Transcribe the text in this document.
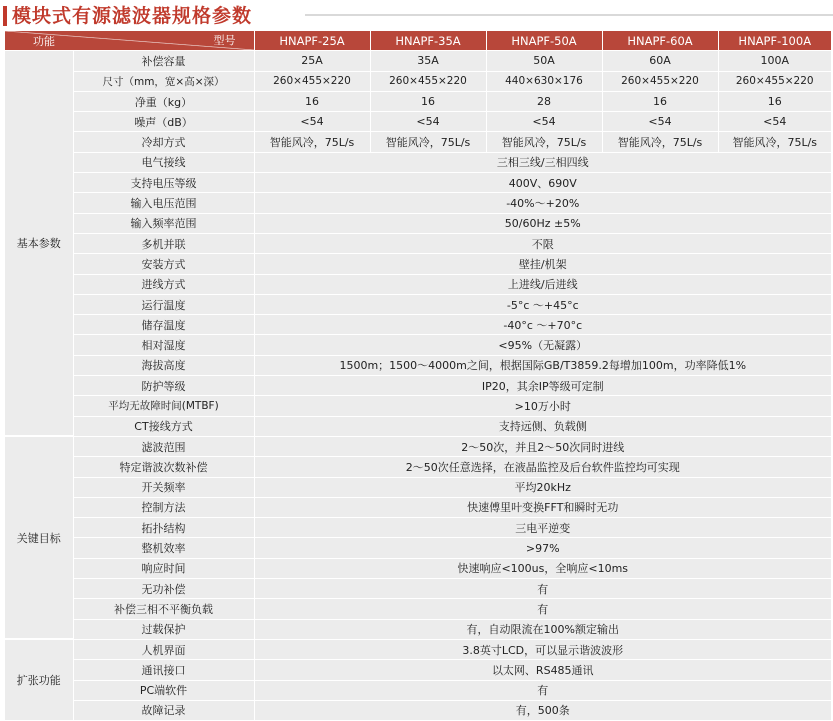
模块式有源滤波器规格参数
型号
功能		HNAPF-25A	HNAPF-35A	HNAPF-50A	HNAPF-60A	HNAPF-100A
基本参数	补偿容量	25A	35A	50A	60A	100A
	尺寸（mm，宽×高×深）	260×455×220	260×455×220	440×630×176	260×455×220	260×455×220
	净重（kg）	16	16	28	16	16
	噪声（dB）	<54	<54	<54	<54	<54
	冷却方式	智能风冷，75L/s	智能风冷，75L/s	智能风冷，75L/s	智能风冷，75L/s	智能风冷，75L/s
	电气接线	三相三线/三相四线				
	支持电压等级	400V、690V				
	输入电压范围	-40%～+20%				
	输入频率范围	50/60Hz ±5%				
	多机并联	不限				
	安装方式	壁挂/机架				
	进线方式	上进线/后进线				
	运行温度	-5°c ～+45°c				
	储存温度	-40°c ～+70°c				
	相对湿度	<95%（无凝露）				
	海拔高度	1500m；1500～4000m之间，根据国际GB/T3859.2每增加100m，功率降低1%				
	防护等级	IP20，其余IP等级可定制				
	平均无故障时间(MTBF)	>10万小时				
	CT接线方式	支持远侧、负载侧				
关键目标	滤波范围	2～50次，并且2～50次同时进线				
	特定谐波次数补偿	2～50次任意选择，在液晶监控及后台软件监控均可实现				
	开关频率	平均20kHz				
	控制方法	快速傅里叶变换FFT和瞬时无功				
	拓扑结构	三电平逆变				
	整机效率	>97%				
	响应时间	快速响应<100us，全响应<10ms				
	无功补偿	有				
	补偿三相不平衡负载	有				
	过载保护	有，自动限流在100%额定输出				
扩张功能	人机界面	3.8英寸LCD，可以显示谐波波形				
	通讯接口	以太网、RS485通讯				
	PC端软件	有				
	故障记录	有，500条				
